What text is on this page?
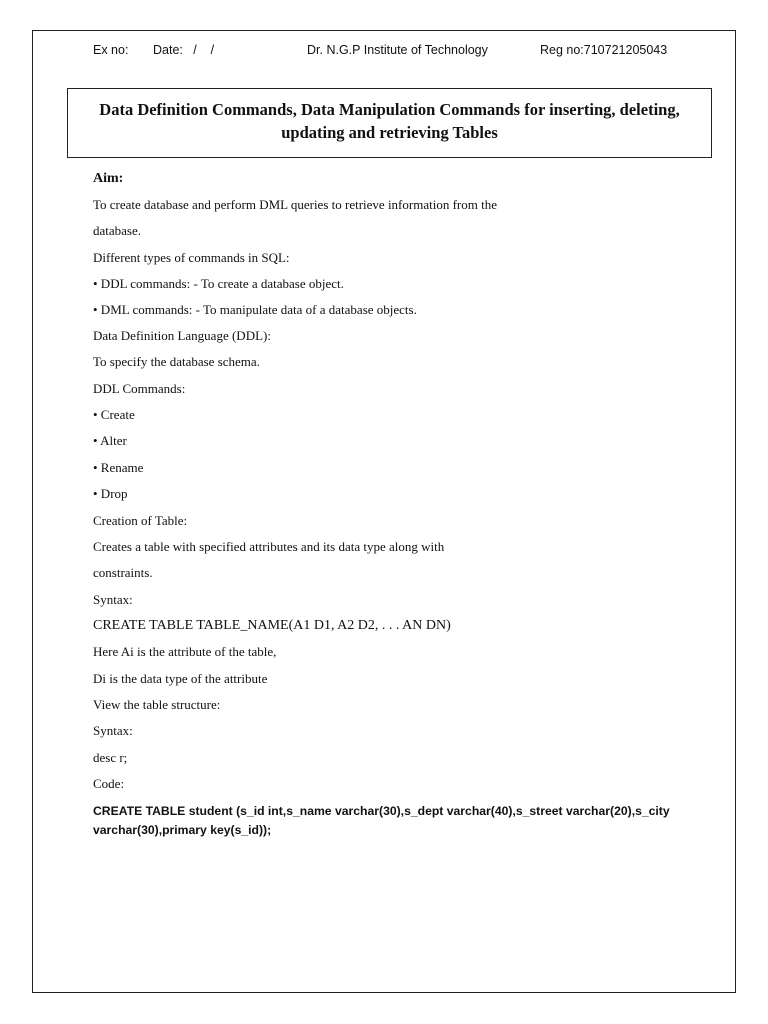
Ex no: Date:   /    /	Dr. N.G.P Institute of Technology	Reg no:710721205043
Data Definition Commands, Data Manipulation Commands for inserting, deleting, updating and retrieving Tables
Aim:
To create database and perform DML queries to retrieve information from the
database.
Different types of commands in SQL:
• DDL commands: - To create a database object.
• DML commands: - To manipulate data of a database objects.
Data Definition Language (DDL):
To specify the database schema.
DDL Commands:
• Create
• Alter
• Rename
• Drop
Creation of Table:
Creates a table with specified attributes and its data type along with
constraints.
Syntax:
CREATE TABLE TABLE_NAME(A1 D1, A2 D2, . . . AN DN)
Here Ai is the attribute of the table,
Di is the data type of the attribute
View the table structure:
Syntax:
desc r;
Code:
CREATE TABLE student (s_id int,s_name varchar(30),s_dept varchar(40),s_street varchar(20),s_city varchar(30),primary key(s_id));
